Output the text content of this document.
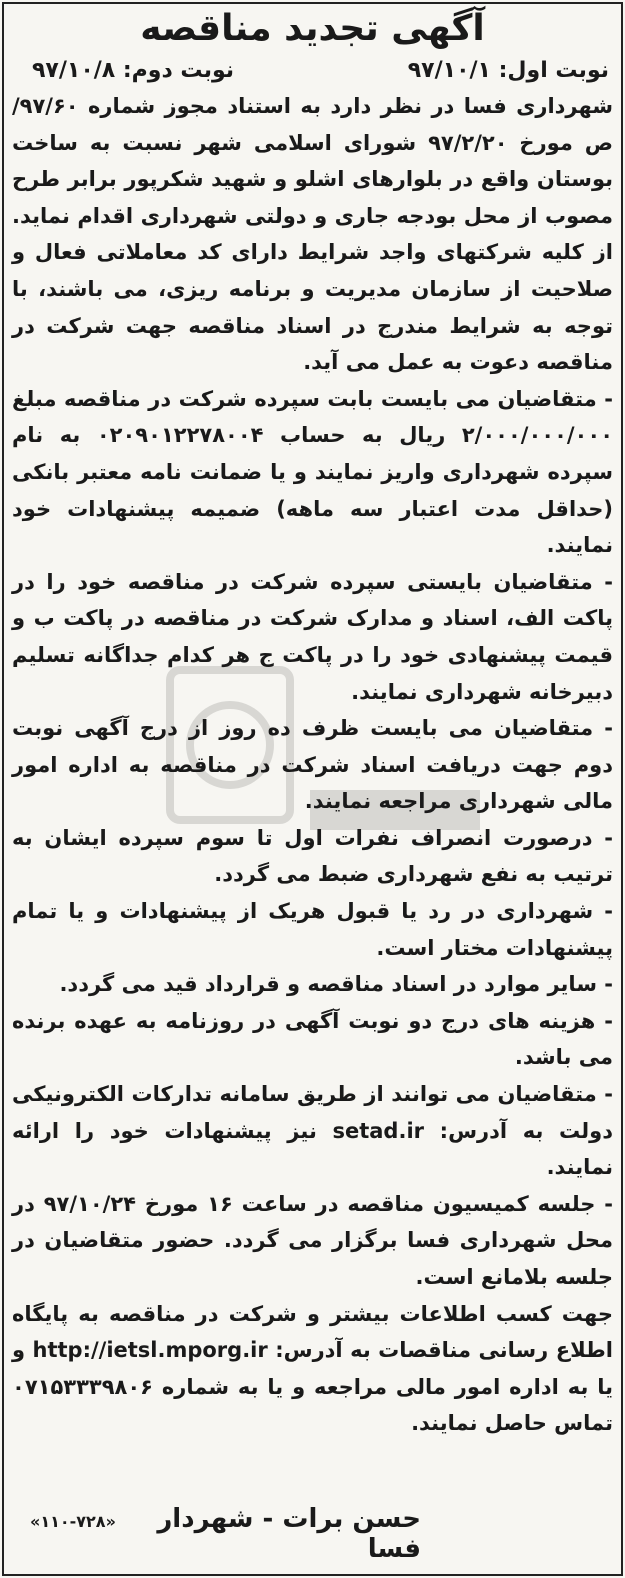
آگهی تجدید مناقصه
نوبت اول: ۹۷/۱۰/۱
نوبت دوم: ۹۷/۱۰/۸

شهرداری فسا در نظر دارد به استناد مجوز شماره ۹۷/۶۰/ص مورخ ۹۷/۲/۲۰ شورای اسلامی شهر نسبت به ساخت بوستان واقع در بلوارهای اشلو و شهید شکرپور برابر طرح مصوب از محل بودجه جاری و دولتی شهرداری اقدام نماید. از کلیه شرکتهای واجد شرایط دارای کد معاملاتی فعال و صلاحیت از سازمان مدیریت و برنامه ریزی، می باشند، با توجه به شرایط مندرج در اسناد مناقصه جهت شرکت در مناقصه دعوت به عمل می آید.

- متقاضیان می بایست بابت سپرده شرکت در مناقصه مبلغ ۲/۰۰۰/۰۰۰/۰۰۰ ریال به حساب ۰۲۰۹۰۱۲۲۷۸۰۰۴ به نام سپرده شهرداری واریز نمایند و یا ضمانت نامه معتبر بانکی (حداقل مدت اعتبار سه ماهه) ضمیمه پیشنهادات خود نمایند.

- متقاضیان بایستی سپرده شرکت در مناقصه خود را در پاکت الف، اسناد و مدارک شرکت در مناقصه در پاکت ب و قیمت پیشنهادی خود را در پاکت ج هر کدام جداگانه تسلیم دبیرخانه شهرداری نمایند.

- متقاضیان می بایست ظرف ده روز از درج آگهی نوبت دوم جهت دریافت اسناد شرکت در مناقصه به اداره امور مالی شهرداری مراجعه نمایند.

- درصورت انصراف نفرات اول تا سوم سپرده ایشان به ترتیب به نفع شهرداری ضبط می گردد.

- شهرداری در رد یا قبول هریک از پیشنهادات و یا تمام پیشنهادات مختار است.

- سایر موارد در اسناد مناقصه و قرارداد قید می گردد.

- هزینه های درج دو نوبت آگهی در روزنامه به عهده برنده می باشد.

- متقاضیان می توانند از طریق سامانه تدارکات الکترونیکی دولت به آدرس: setad.ir نیز پیشنهادات خود را ارائه نمایند.

- جلسه کمیسیون مناقصه در ساعت ۱۶ مورخ ۹۷/۱۰/۲۴ در محل شهرداری فسا برگزار می گردد. حضور متقاضیان در جلسه بلامانع است.

جهت کسب اطلاعات بیشتر و شرکت در مناقصه به پایگاه اطلاع رسانی مناقصات به آدرس: http://ietsl.mporg.ir و یا به اداره امور مالی مراجعه و یا به شماره ۰۷۱۵۳۳۳۹۸۰۶ تماس حاصل نمایند.

حسن برات - شهردار فسا
«۱۱۰-۷۲۸»
